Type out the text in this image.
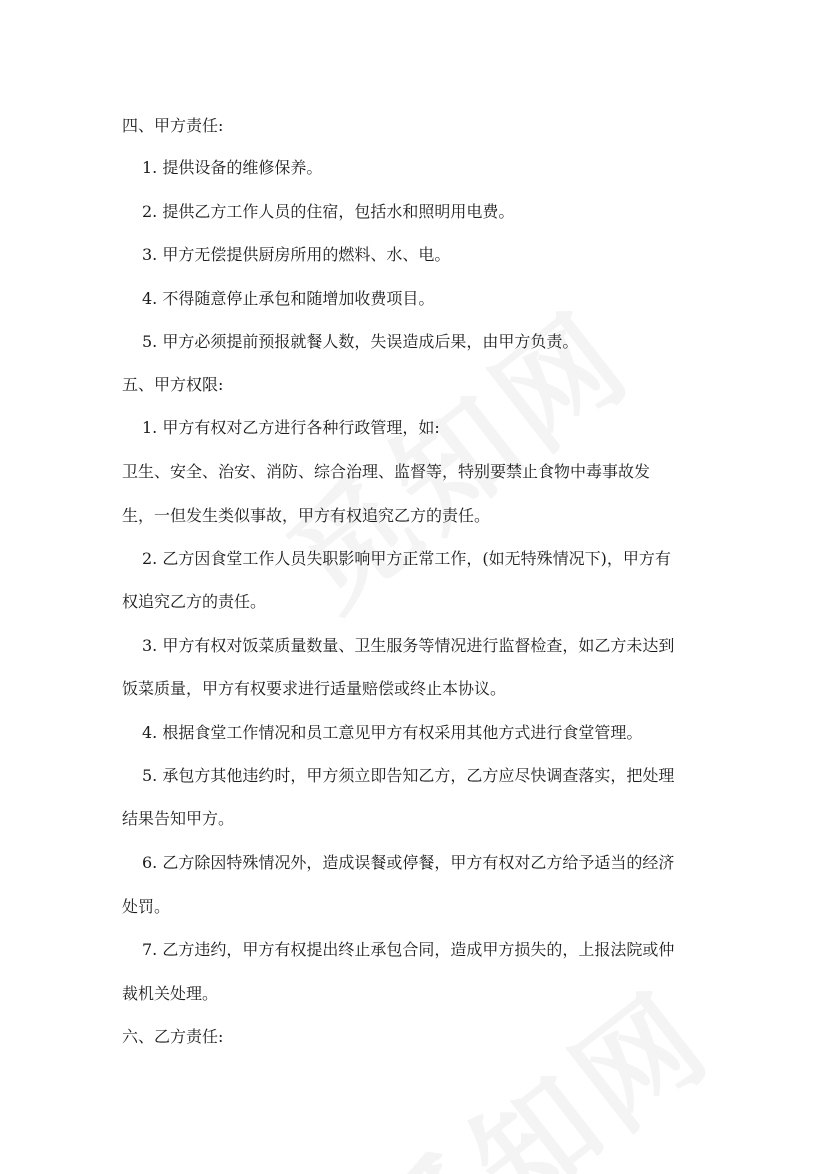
四、甲方责任:
1. 提供设备的维修保养。
2. 提供乙方工作人员的住宿，包括水和照明用电费。
3. 甲方无偿提供厨房所用的燃料、水、电。
4. 不得随意停止承包和随增加收费项目。
5. 甲方必须提前预报就餐人数，失误造成后果，由甲方负责。
五、甲方权限:
1. 甲方有权对乙方进行各种行政管理，如:
卫生、安全、治安、消防、综合治理、监督等，特别要禁止食物中毒事故发
生，一但发生类似事故，甲方有权追究乙方的责任。
2. 乙方因食堂工作人员失职影响甲方正常工作，(如无特殊情况下)，甲方有
权追究乙方的责任。
3. 甲方有权对饭菜质量数量、卫生服务等情况进行监督检查，如乙方未达到
饭菜质量，甲方有权要求进行适量赔偿或终止本协议。
4. 根据食堂工作情况和员工意见甲方有权采用其他方式进行食堂管理。
5. 承包方其他违约时，甲方须立即告知乙方，乙方应尽快调查落实，把处理
结果告知甲方。
6. 乙方除因特殊情况外，造成误餐或停餐，甲方有权对乙方给予适当的经济
处罚。
7. 乙方违约，甲方有权提出终止承包合同，造成甲方损失的，上报法院或仲
裁机关处理。
六、乙方责任:
